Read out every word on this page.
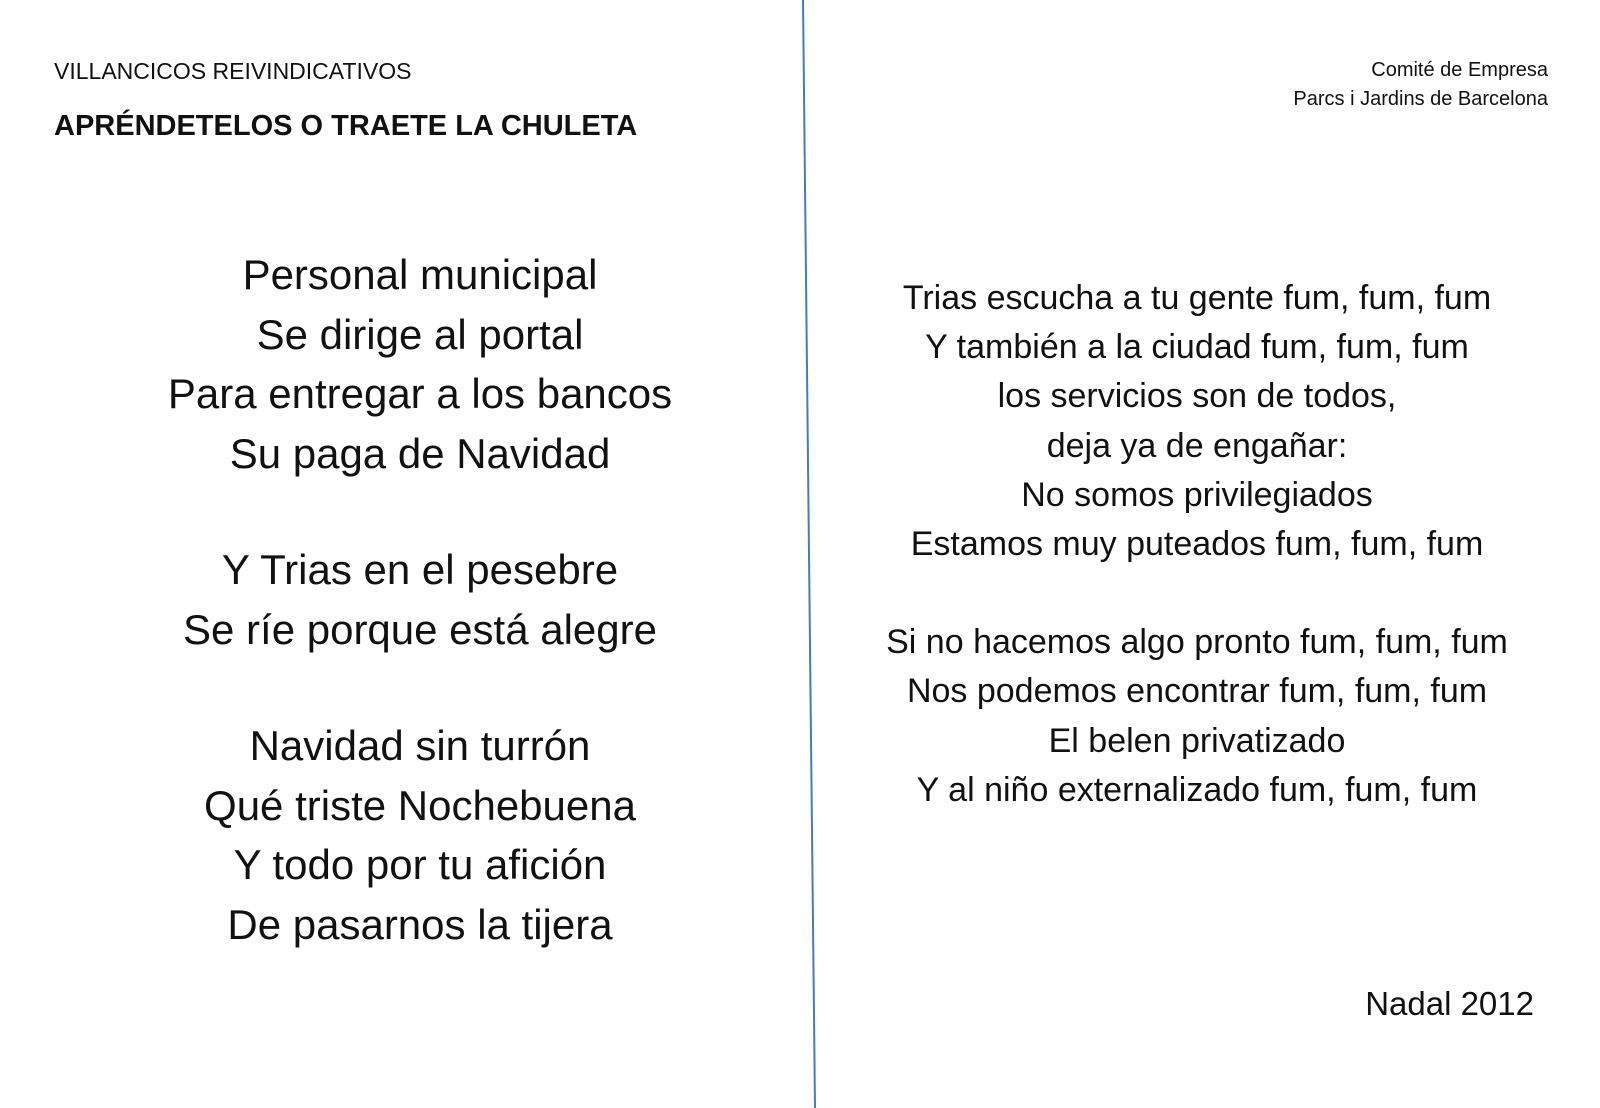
VILLANCICOS REIVINDICATIVOS
APRÉNDETELOS O TRAETE LA CHULETA
Comité de Empresa
Parcs i Jardins de Barcelona
Personal municipal
Se dirige al portal
Para entregar a los bancos
Su paga de Navidad
Y Trias en el pesebre
Se ríe porque está alegre
Navidad sin turrón
Qué triste Nochebuena
Y todo por tu afición
De pasarnos la tijera
Trias escucha a tu gente fum, fum, fum
Y también a la ciudad fum, fum, fum
los servicios son de todos,
deja ya de engañar:
No somos privilegiados
Estamos muy puteados fum, fum, fum
Si no hacemos algo pronto fum, fum, fum
Nos podemos encontrar fum, fum, fum
El belen privatizado
Y al niño externalizado fum, fum, fum
Nadal 2012
